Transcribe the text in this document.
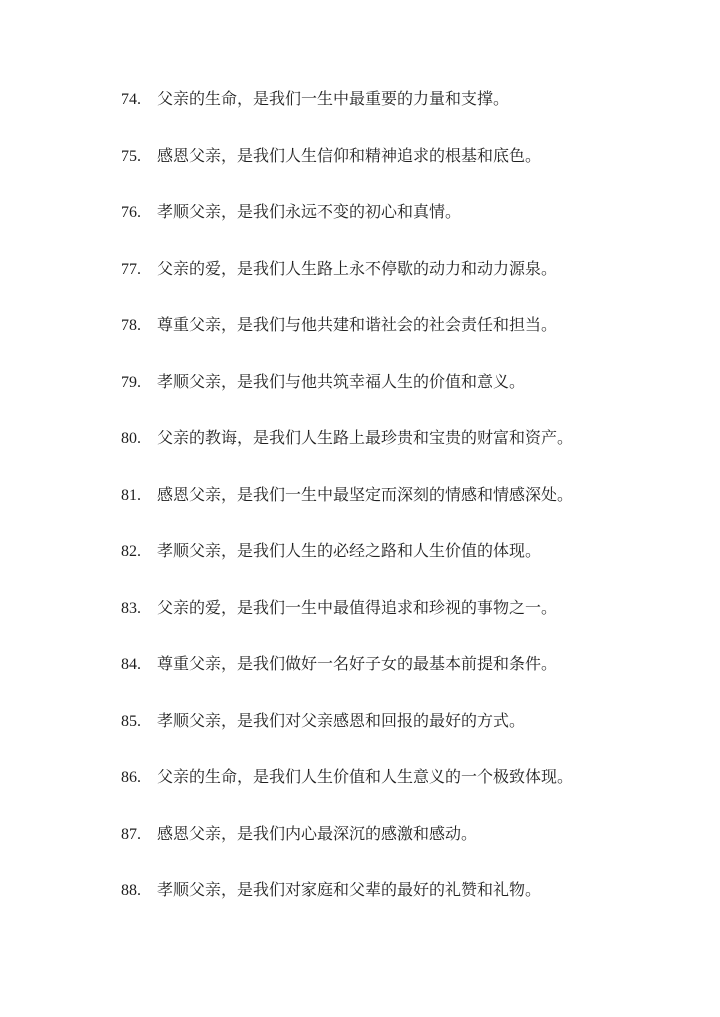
74. 父亲的生命，是我们一生中最重要的力量和支撑。
75. 感恩父亲，是我们人生信仰和精神追求的根基和底色。
76. 孝顺父亲，是我们永远不变的初心和真情。
77. 父亲的爱，是我们人生路上永不停歇的动力和动力源泉。
78. 尊重父亲，是我们与他共建和谐社会的社会责任和担当。
79. 孝顺父亲，是我们与他共筑幸福人生的价值和意义。
80. 父亲的教诲，是我们人生路上最珍贵和宝贵的财富和资产。
81. 感恩父亲，是我们一生中最坚定而深刻的情感和情感深处。
82. 孝顺父亲，是我们人生的必经之路和人生价值的体现。
83. 父亲的爱，是我们一生中最值得追求和珍视的事物之一。
84. 尊重父亲，是我们做好一名好子女的最基本前提和条件。
85. 孝顺父亲，是我们对父亲感恩和回报的最好的方式。
86. 父亲的生命，是我们人生价值和人生意义的一个极致体现。
87. 感恩父亲，是我们内心最深沉的感激和感动。
88. 孝顺父亲，是我们对家庭和父辈的最好的礼赞和礼物。
